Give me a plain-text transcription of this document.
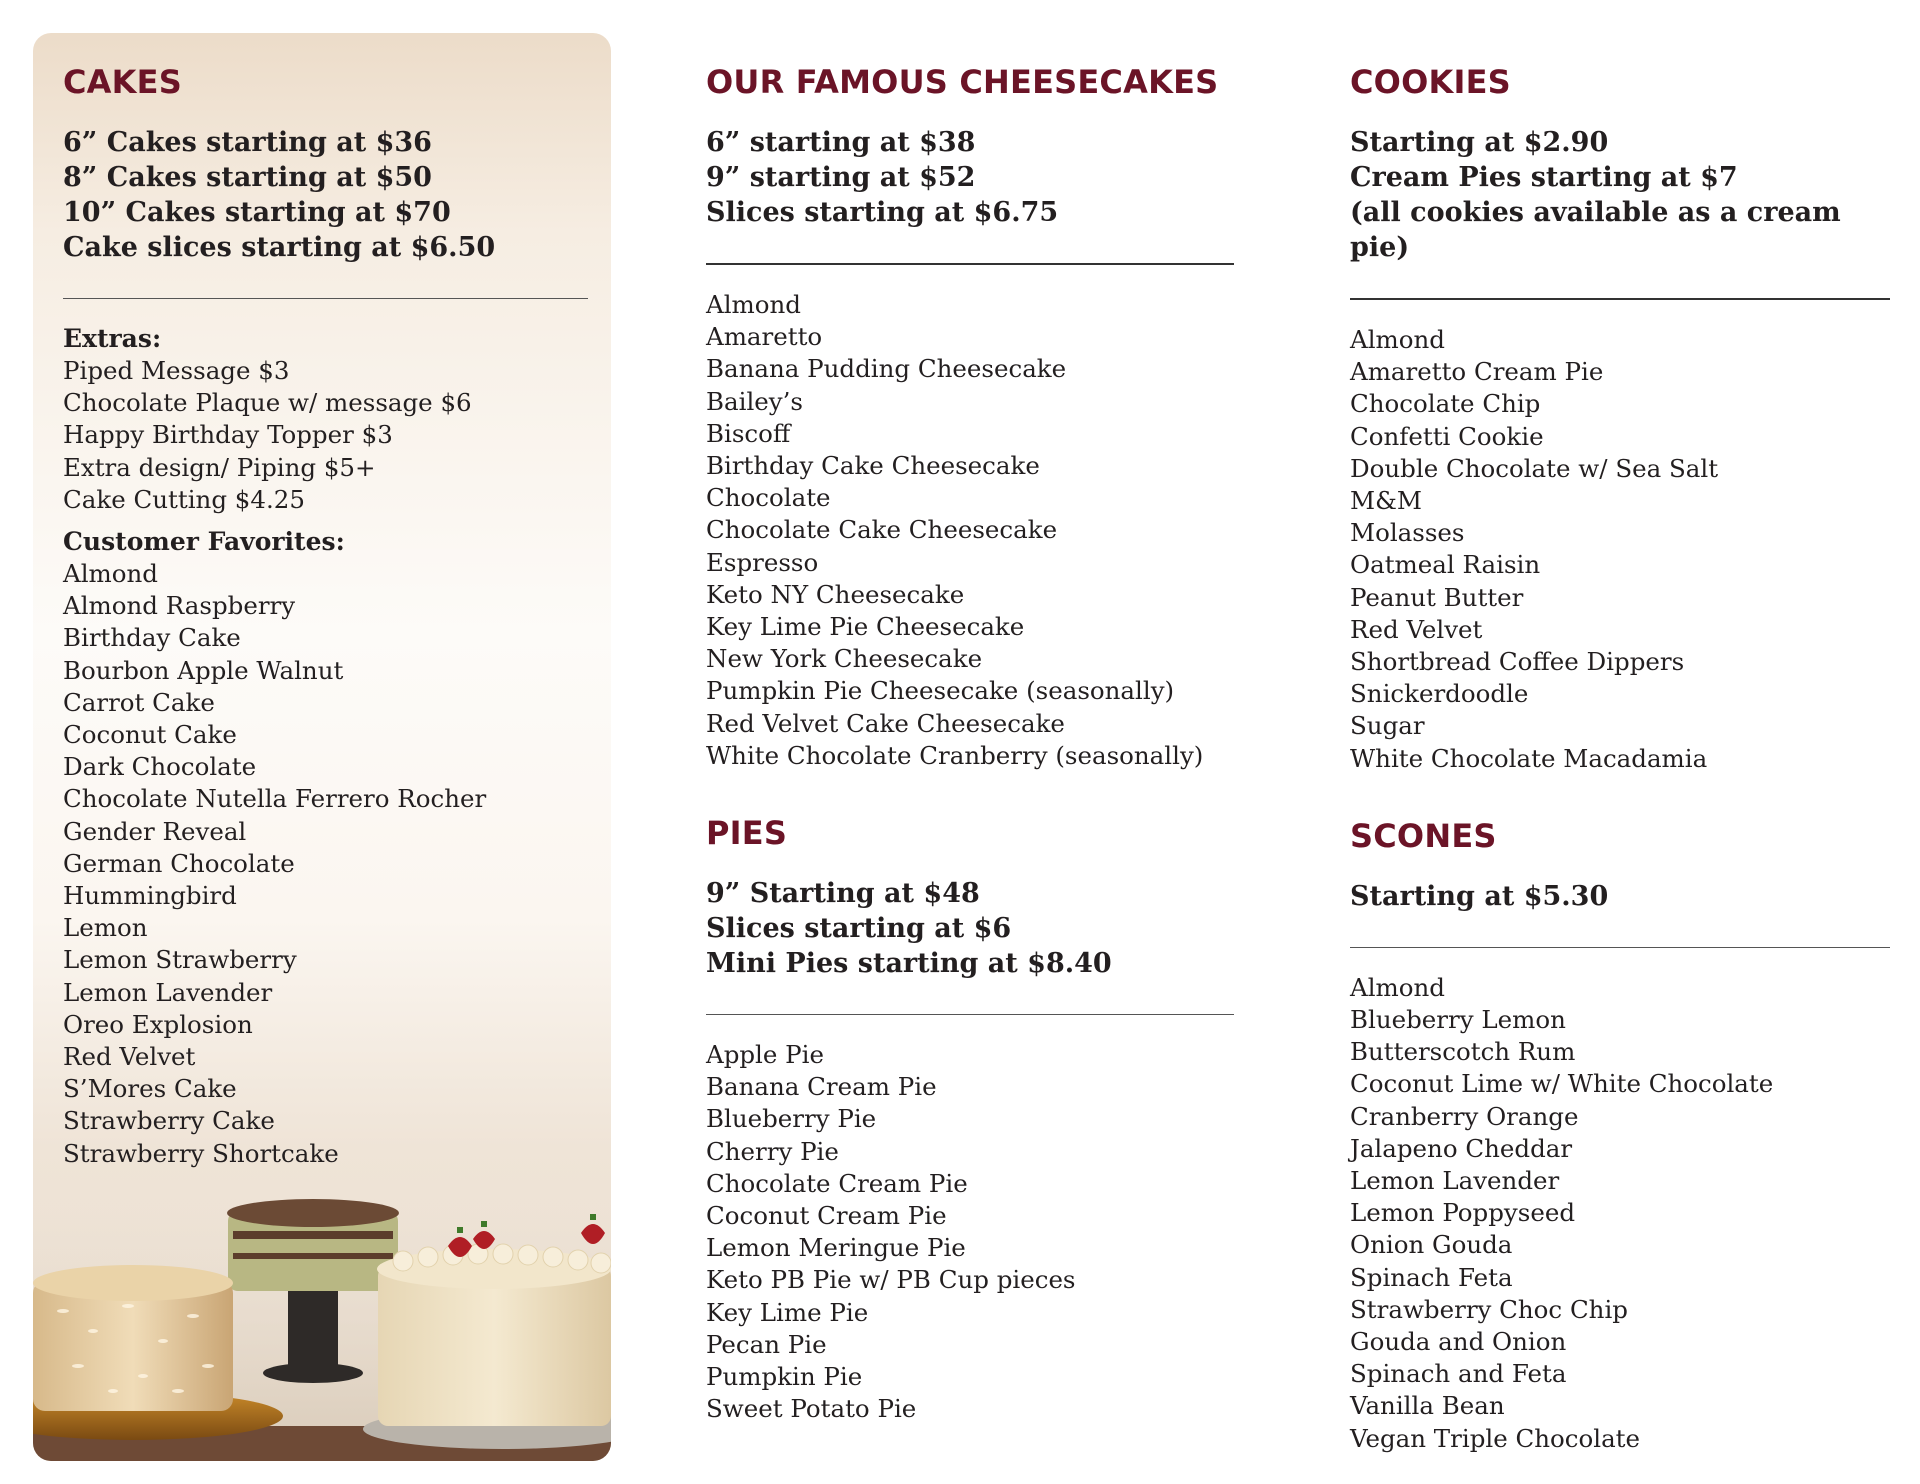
CAKES
6” Cakes starting at $36
8” Cakes starting at $50
10” Cakes starting at $70
Cake slices starting at $6.50
Extras:
Piped Message $3
Chocolate Plaque w/ message $6
Happy Birthday Topper $3
Extra design/ Piping $5+
Cake Cutting $4.25
Customer Favorites:
Almond
Almond Raspberry
Birthday Cake
Bourbon Apple Walnut
Carrot Cake
Coconut Cake
Dark Chocolate
Chocolate Nutella Ferrero Rocher
Gender Reveal
German Chocolate
Hummingbird
Lemon
Lemon Strawberry
Lemon Lavender
Oreo Explosion
Red Velvet
S’Mores Cake
Strawberry Cake
Strawberry Shortcake
OUR FAMOUS CHEESECAKES
6” starting at $38
9” starting at $52
Slices starting at $6.75
Almond
Amaretto
Banana Pudding Cheesecake
Bailey’s
Biscoff
Birthday Cake Cheesecake
Chocolate
Chocolate Cake Cheesecake
Espresso
Keto NY Cheesecake
Key Lime Pie Cheesecake
New York Cheesecake
Pumpkin Pie Cheesecake (seasonally)
Red Velvet Cake Cheesecake
White Chocolate Cranberry (seasonally)
PIES
9” Starting at $48
Slices starting at $6
Mini Pies starting at $8.40
Apple Pie
Banana Cream Pie
Blueberry Pie
Cherry Pie
Chocolate Cream Pie
Coconut Cream Pie
Lemon Meringue Pie
Keto PB Pie w/ PB Cup pieces
Key Lime Pie
Pecan Pie
Pumpkin Pie
Sweet Potato Pie
COOKIES
Starting at $2.90
Cream Pies starting at $7
(all cookies available as a cream pie)
Almond
Amaretto Cream Pie
Chocolate Chip
Confetti Cookie
Double Chocolate w/ Sea Salt
M&M
Molasses
Oatmeal Raisin
Peanut Butter
Red Velvet
Shortbread Coffee Dippers
Snickerdoodle
Sugar
White Chocolate Macadamia
SCONES
Starting at $5.30
Almond
Blueberry Lemon
Butterscotch Rum
Coconut Lime w/ White Chocolate
Cranberry Orange
Jalapeno Cheddar
Lemon Lavender
Lemon Poppyseed
Onion Gouda
Spinach Feta
Strawberry Choc Chip
Gouda and Onion
Spinach and Feta
Vanilla Bean
Vegan Triple Chocolate
